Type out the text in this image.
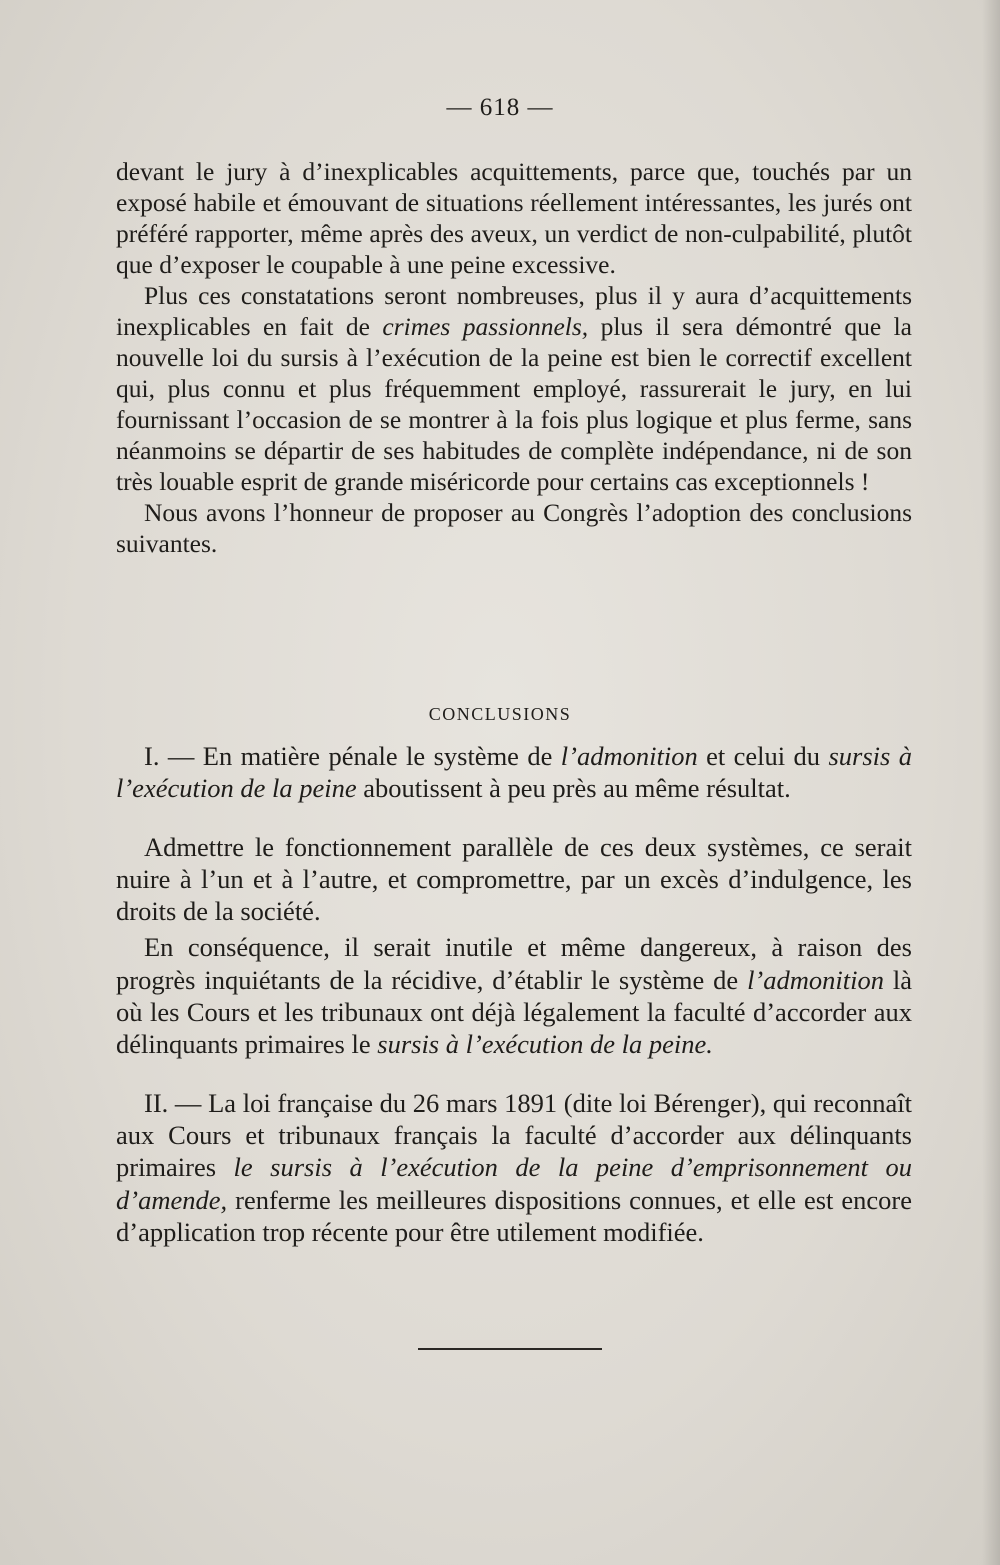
— 618 —

devant le jury à d’inexplicables acquittements, parce que, touchés par un exposé habile et émouvant de situations réellement intéressantes, les jurés ont préféré rapporter, même après des aveux, un verdict de non-culpabilité, plutôt que d’exposer le coupable à une peine excessive.

Plus ces constatations seront nombreuses, plus il y aura d’acquittements inexplicables en fait de crimes passionnels, plus il sera démontré que la nouvelle loi du sursis à l’exécution de la peine est bien le correctif excellent qui, plus connu et plus fréquemment employé, rassurerait le jury, en lui fournissant l’occasion de se montrer à la fois plus logique et plus ferme, sans néanmoins se départir de ses habitudes de complète indépendance, ni de son très louable esprit de grande miséricorde pour certains cas exceptionnels !

Nous avons l’honneur de proposer au Congrès l’adoption des conclusions suivantes.

CONCLUSIONS

I. — En matière pénale le système de l’admonition et celui du sursis à l’exécution de la peine aboutissent à peu près au même résultat.

Admettre le fonctionnement parallèle de ces deux systèmes, ce serait nuire à l’un et à l’autre, et compromettre, par un excès d’indulgence, les droits de la société.

En conséquence, il serait inutile et même dangereux, à raison des progrès inquiétants de la récidive, d’établir le système de l’admonition là où les Cours et les tribunaux ont déjà légalement la faculté d’accorder aux délinquants primaires le sursis à l’exécution de la peine.

II. — La loi française du 26 mars 1891 (dite loi Bérenger), qui reconnaît aux Cours et tribunaux français la faculté d’accorder aux délinquants primaires le sursis à l’exécution de la peine d’emprisonnement ou d’amende, renferme les meilleures dispositions connues, et elle est encore d’application trop récente pour être utilement modifiée.
